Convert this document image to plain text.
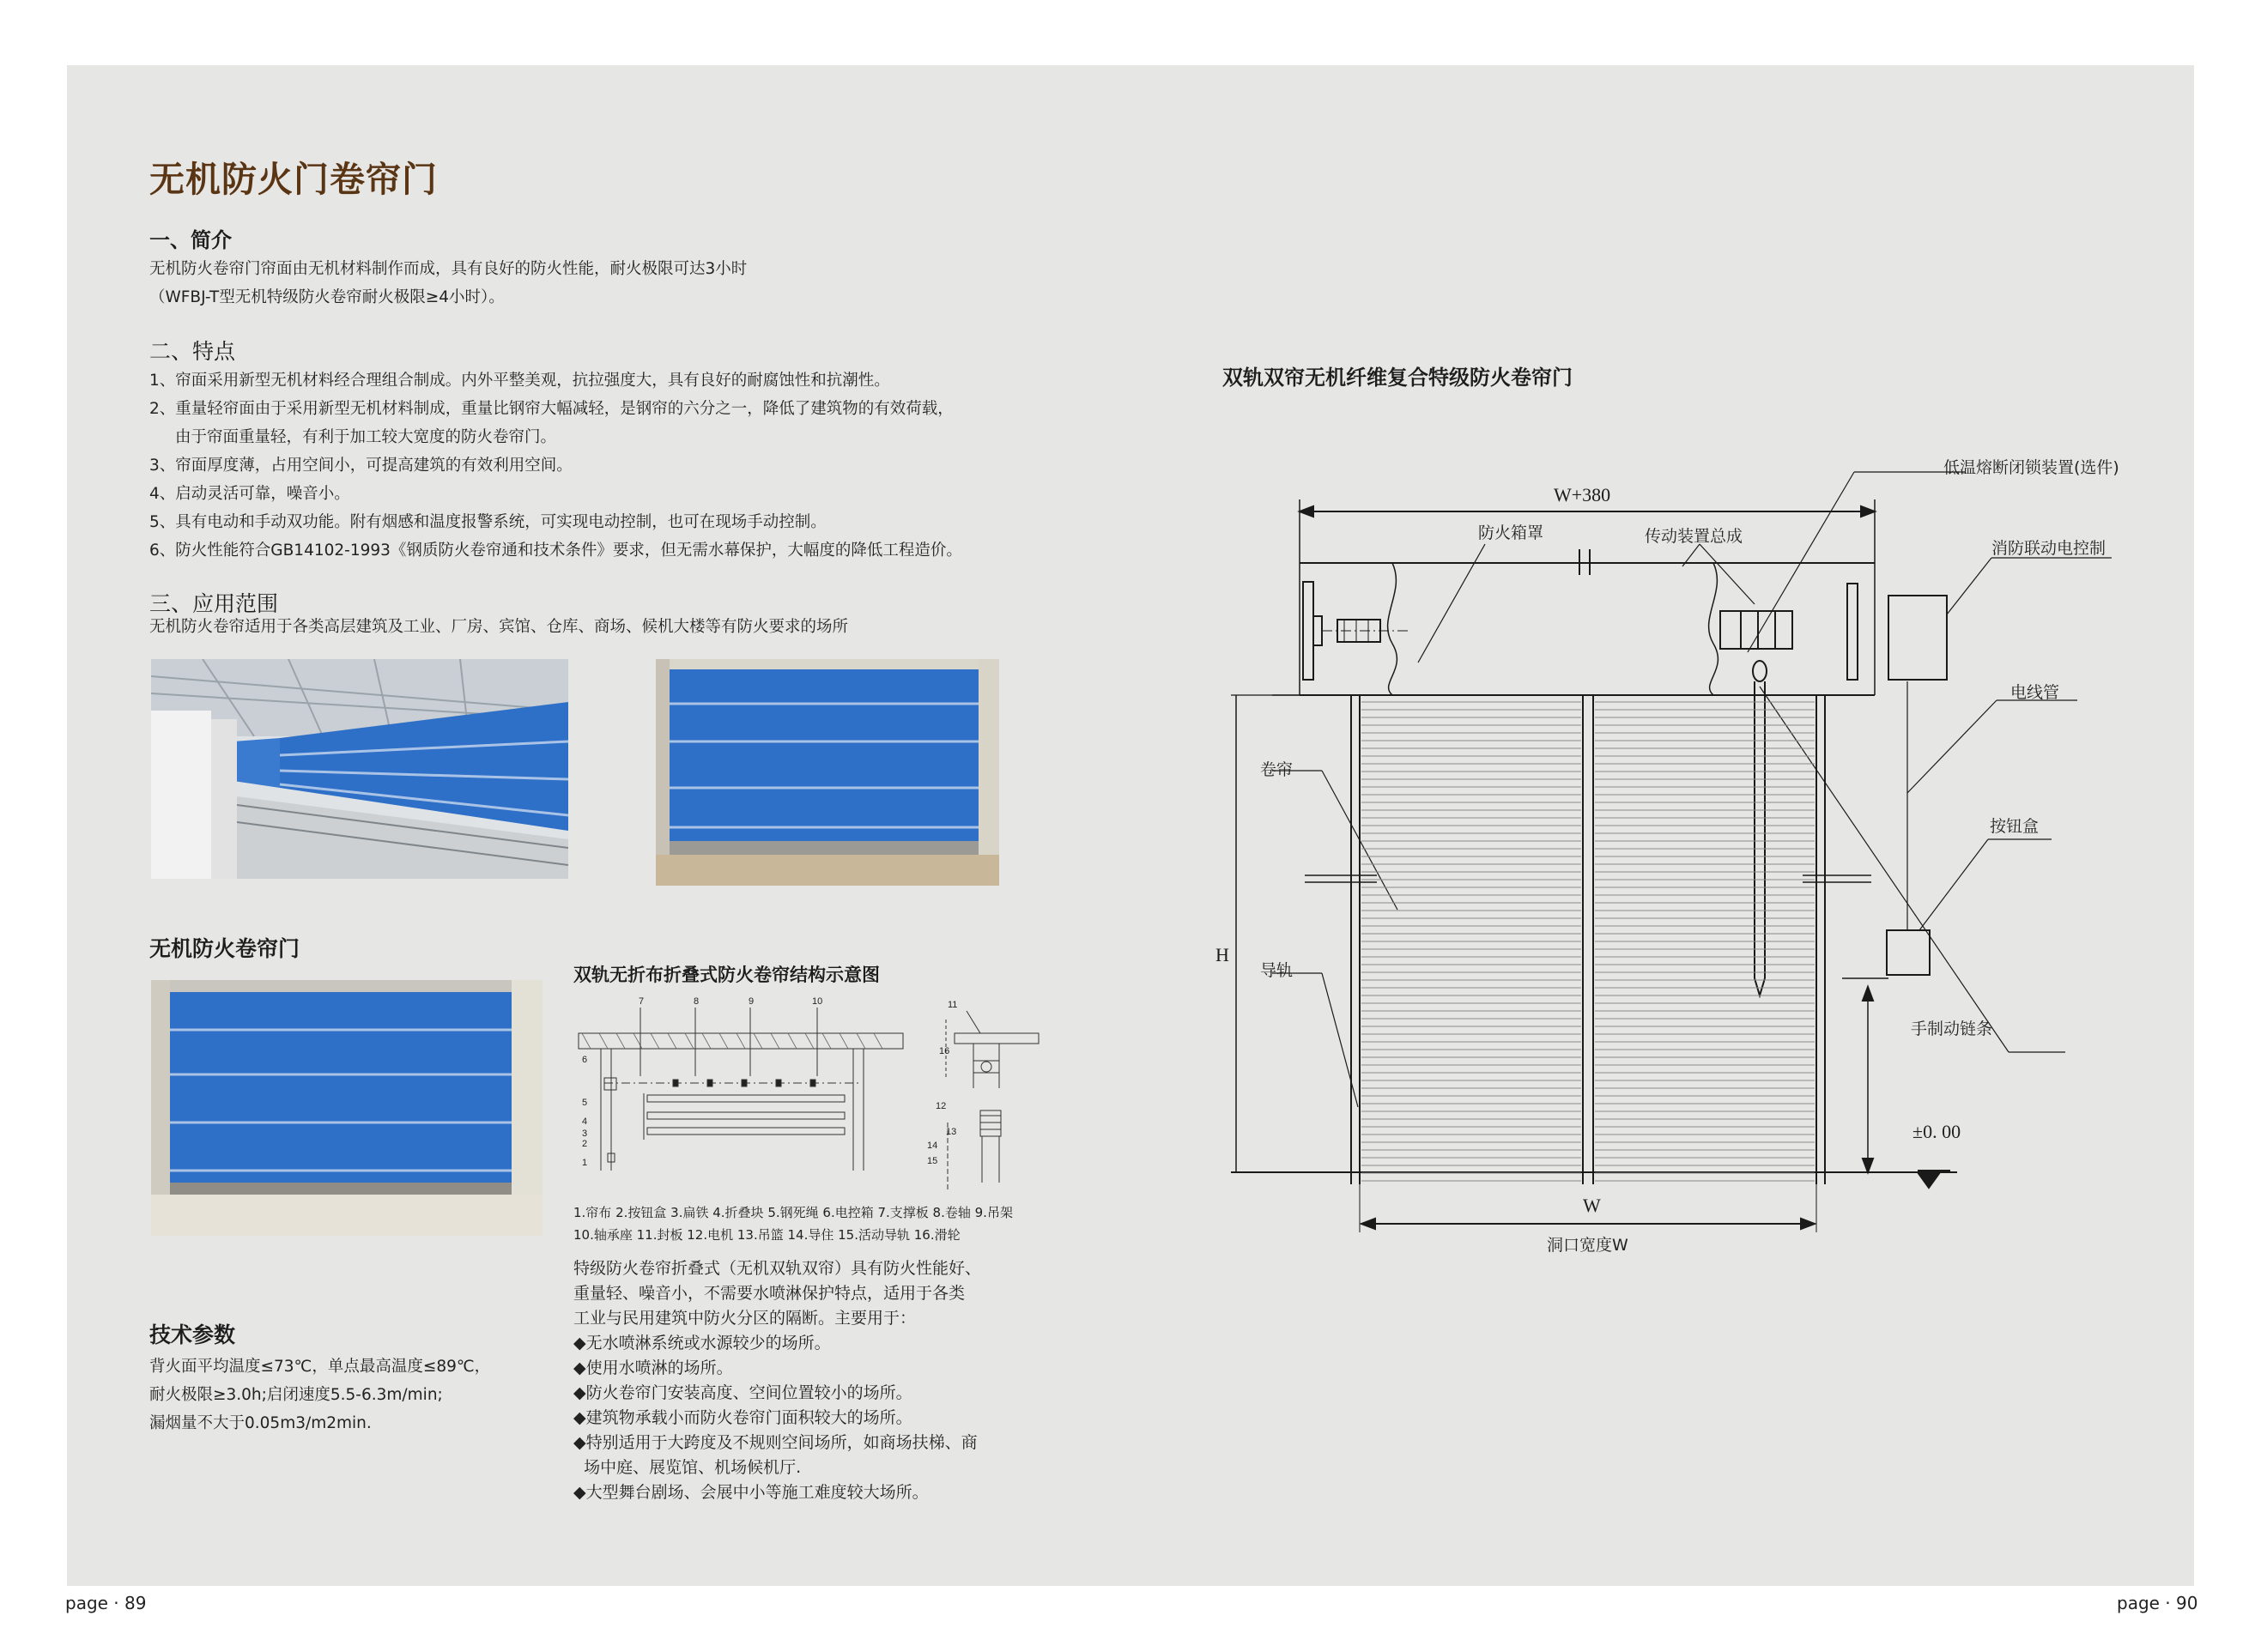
无机防火门卷帘门
一、简介
无机防火卷帘门帘面由无机材料制作而成，具有良好的防火性能，耐火极限可达3小时
（WFBJ-T型无机特级防火卷帘耐火极限≥4小时）。
二、特点
1、帘面采用新型无机材料经合理组合制成。内外平整美观，抗拉强度大，具有良好的耐腐蚀性和抗潮性。
2、重量轻帘面由于采用新型无机材料制成，重量比钢帘大幅减轻，是钢帘的六分之一，降低了建筑物的有效荷载，
由于帘面重量轻，有利于加工较大宽度的防火卷帘门。
3、帘面厚度薄，占用空间小，可提高建筑的有效利用空间。
4、启动灵活可靠，噪音小。
5、具有电动和手动双功能。附有烟感和温度报警系统，可实现电动控制，也可在现场手动控制。
6、防火性能符合GB14102-1993《钢质防火卷帘通和技术条件》要求，但无需水幕保护，大幅度的降低工程造价。
三、应用范围
无机防火卷帘适用于各类高层建筑及工业、厂房、宾馆、仓库、商场、候机大楼等有防火要求的场所
无机防火卷帘门
双轨无折布折叠式防火卷帘结构示意图
7	8	9	10	11
6
5
4
3
2
1
16
12
13
14
15
1.帘布 2.按钮盒 3.扁铁 4.折叠块 5.钢死绳 6.电控箱 7.支撑板 8.卷轴 9.吊架
10.轴承座 11.封板 12.电机 13.吊篮 14.导住 15.活动导轨 16.滑轮
特级防火卷帘折叠式（无机双轨双帘）具有防火性能好、
重量轻、噪音小，不需要水喷淋保护特点，适用于各类
工业与民用建筑中防火分区的隔断。主要用于：
◆无水喷淋系统或水源较少的场所。
◆使用水喷淋的场所。
◆防火卷帘门安装高度、空间位置较小的场所。
◆建筑物承载小而防火卷帘门面积较大的场所。
◆特别适用于大跨度及不规则空间场所，如商场扶梯、商
场中庭、展览馆、机场候机厅.
◆大型舞台剧场、会展中小等施工难度较大场所。
技术参数
背火面平均温度≤73℃，单点最高温度≤89℃，
耐火极限≥3.0h;启闭速度5.5-6.3m/min;
漏烟量不大于0.05m3/m2min.
双轨双帘无机纤维复合特级防火卷帘门
W+380
H
W
防火箱罩	传动装置总成
低温熔断闭锁装置(选件)
消防联动电控制
电线管
卷帘
按钮盒
导轨
手制动链条
±0. 00
洞口宽度W
page · 89	page · 90
